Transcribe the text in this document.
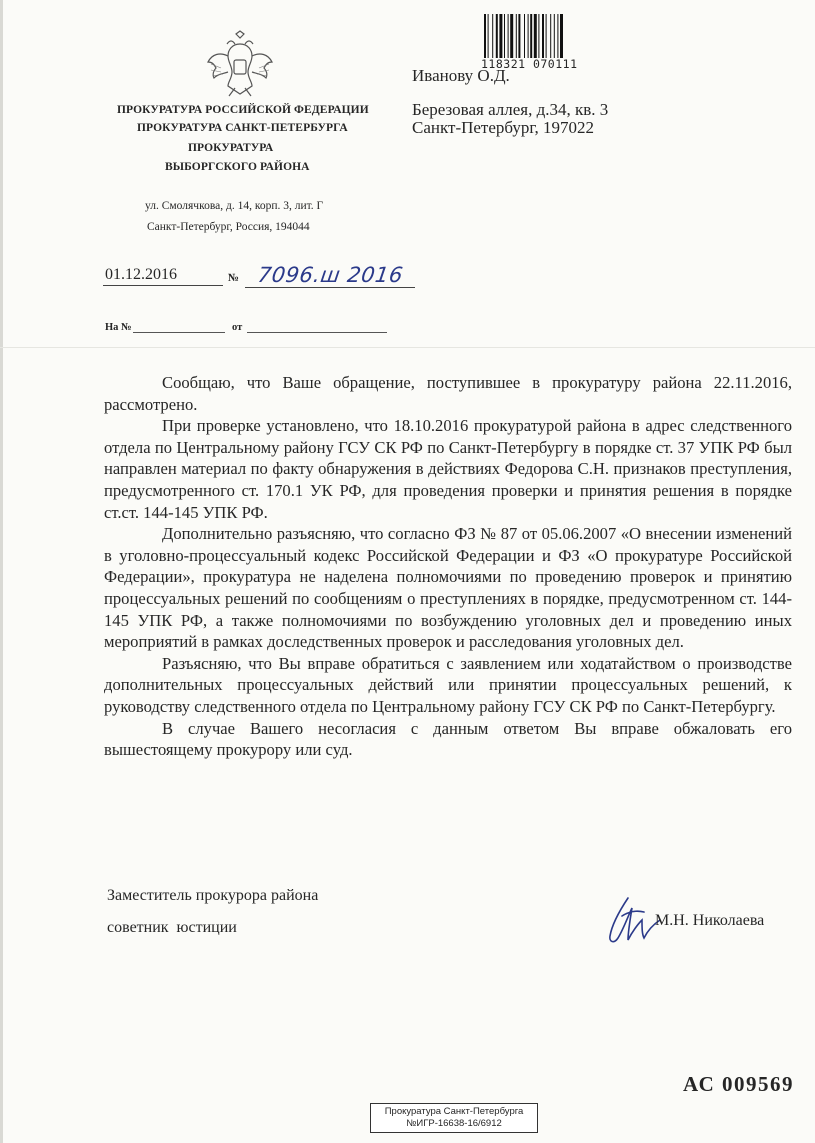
ПРОКУРАТУРА РОССИЙСКОЙ ФЕДЕРАЦИИ
ПРОКУРАТУРА САНКТ-ПЕТЕРБУРГА
ПРОКУРАТУРА
ВЫБОРГСКОГО РАЙОНА
ул. Смолячкова, д. 14, корп. 3, лит. Г
Санкт-Петербург, Россия, 194044
01.12.2016	№ 7096.ш 2016
На №	от
118321 070111
Иванову О.Д.
Березовая аллея, д.34, кв. 3
Санкт-Петербург, 197022

Сообщаю, что Ваше обращение, поступившее в прокуратуру района 22.11.2016, рассмотрено.

При проверке установлено, что 18.10.2016 прокуратурой района в адрес следственного отдела по Центральному району ГСУ СК РФ по Санкт-Петербургу в порядке ст. 37 УПК РФ был направлен материал по факту обнаружения в действиях Федорова С.Н. признаков преступления, предусмотренного ст. 170.1 УК РФ, для проведения проверки и принятия решения в порядке ст.ст. 144-145 УПК РФ.

Дополнительно разъясняю, что согласно ФЗ № 87 от 05.06.2007 «О внесении изменений в уголовно-процессуальный кодекс Российской Федерации и ФЗ «О прокуратуре Российской Федерации», прокуратура не наделена полномочиями по проведению проверок и принятию процессуальных решений по сообщениям о преступлениях в порядке, предусмотренном ст. 144-145 УПК РФ, а также полномочиями по возбуждению уголовных дел и проведению иных мероприятий в рамках доследственных проверок и расследования уголовных дел.

Разъясняю, что Вы вправе обратиться с заявлением или ходатайством о производстве дополнительных процессуальных действий или принятии процессуальных решений, к руководству следственного отдела по Центральному району ГСУ СК РФ по Санкт-Петербургу.

В случае Вашего несогласия с данным ответом Вы вправе обжаловать его вышестоящему прокурору или суд.

Заместитель прокурора района
советник юстиции	М.Н. Николаева
АС 009569
Прокуратура Санкт-Петербурга
№ИГР-16638-16/6912
